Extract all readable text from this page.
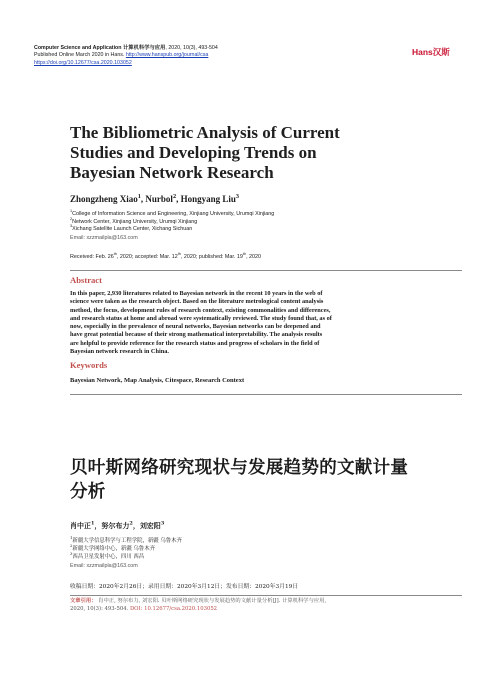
Computer Science and Application 计算机科学与应用, 2020, 10(3), 493-504
Published Online March 2020 in Hans. http://www.hanspub.org/journal/csa
https://doi.org/10.12677/csa.2020.103052
Hans汉斯
The Bibliometric Analysis of Current
Studies and Developing Trends on
Bayesian Network Research
Zhongzheng Xiao$^1$, Nurbol$^2$, Hongyang Liu$^3$
$^1$College of Information Science and Engineering, Xinjiang University, Urumqi Xinjiang
$^2$Network Center, Xinjiang University, Urumqi Xinjiang
$^3$Xichang Satellite Launch Center, Xichang Sichuan
Email: xzzmailpla@163.com
Received: Feb. 26th, 2020; accepted: Mar. 12th, 2020; published: Mar. 19th, 2020
Abstract
In this paper, 2,930 literatures related to Bayesian network in the recent 10 years in the web of
science were taken as the research object. Based on the literature metrological content analysis
method, the focus, development rules of research context, existing commonalities and differences,
and research status at home and abroad were systematically reviewed. The study found that, as of
now, especially in the prevalence of neural networks, Bayesian networks can be deepened and
have great potential because of their strong mathematical interpretability. The analysis results
are helpful to provide reference for the research status and progress of scholars in the field of
Bayesian network research in China.
Keywords
Bayesian Network, Map Analysis, Citespace, Research Context
贝叶斯网络研究现状与发展趋势的文献计量
分析
肖中正$^1$，努尔布力$^2$，刘宏阳$^3$
$^1$新疆大学信息科学与工程学院，新疆 乌鲁木齐
$^2$新疆大学网络中心，新疆 乌鲁木齐
$^3$西昌卫星发射中心，四川 西昌
Email: xzzmailpla@163.com
收稿日期：2020年2月26日；录用日期：2020年3月12日；发布日期：2020年3月19日
文章引用： 肖中正, 努尔布力, 刘宏阳. 贝叶斯网络研究现状与发展趋势的文献计量分析[J]. 计算机科学与应用,
2020, 10(3): 493-504. DOI: 10.12677/csa.2020.103052
